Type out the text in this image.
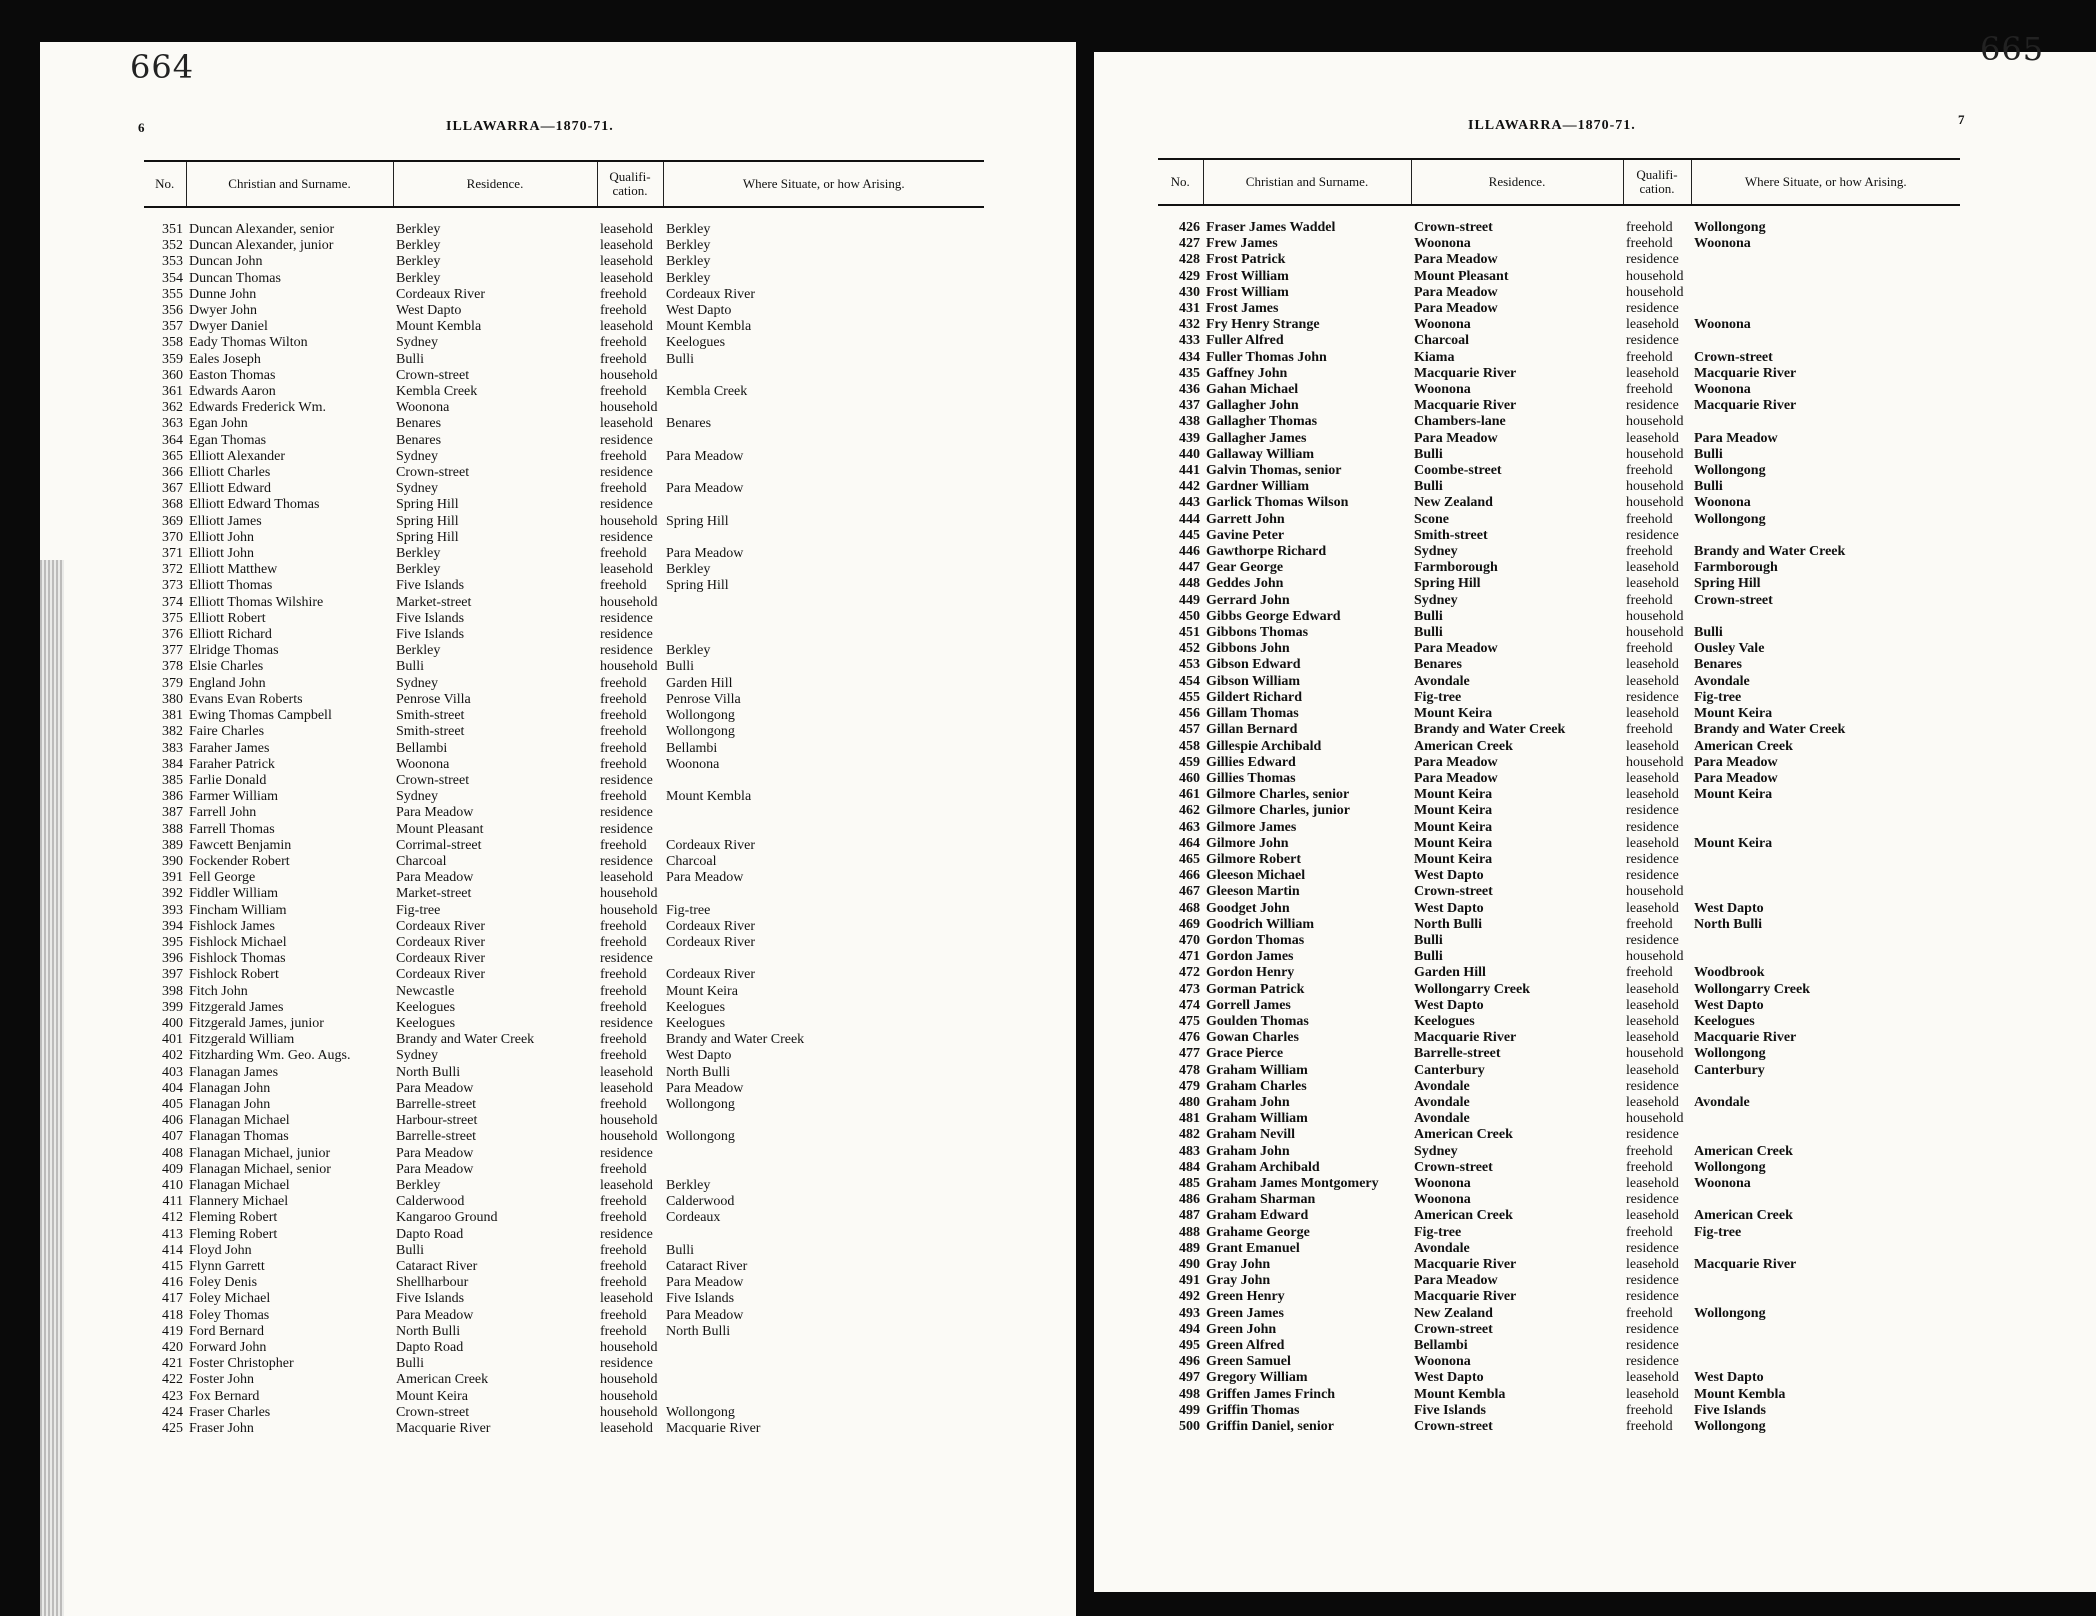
664
6	ILLAWARRA—1870-71.
No.	Christian and Surname.	Residence.	Qualifi-cation.	Where Situate, or how Arising.
351	Duncan Alexander, senior	Berkley	leasehold	Berkley
352	Duncan Alexander, junior	Berkley	leasehold	Berkley
353	Duncan John	Berkley	leasehold	Berkley
354	Duncan Thomas	Berkley	leasehold	Berkley
355	Dunne John	Cordeaux River	freehold	Cordeaux River
356	Dwyer John	West Dapto	freehold	West Dapto
357	Dwyer Daniel	Mount Kembla	leasehold	Mount Kembla
358	Eady Thomas Wilton	Sydney	freehold	Keelogues
359	Eales Joseph	Bulli	freehold	Bulli
360	Easton Thomas	Crown-street	household	
361	Edwards Aaron	Kembla Creek	freehold	Kembla Creek
362	Edwards Frederick Wm.	Woonona	household	
363	Egan John	Benares	leasehold	Benares
364	Egan Thomas	Benares	residence	
365	Elliott Alexander	Sydney	freehold	Para Meadow
366	Elliott Charles	Crown-street	residence	
367	Elliott Edward	Sydney	freehold	Para Meadow
368	Elliott Edward Thomas	Spring Hill	residence	
369	Elliott James	Spring Hill	household	Spring Hill
370	Elliott John	Spring Hill	residence	
371	Elliott John	Berkley	freehold	Para Meadow
372	Elliott Matthew	Berkley	leasehold	Berkley
373	Elliott Thomas	Five Islands	freehold	Spring Hill
374	Elliott Thomas Wilshire	Market-street	household	
375	Elliott Robert	Five Islands	residence	
376	Elliott Richard	Five Islands	residence	
377	Elridge Thomas	Berkley	residence	Berkley
378	Elsie Charles	Bulli	household	Bulli
379	England John	Sydney	freehold	Garden Hill
380	Evans Evan Roberts	Penrose Villa	freehold	Penrose Villa
381	Ewing Thomas Campbell	Smith-street	freehold	Wollongong
382	Faire Charles	Smith-street	freehold	Wollongong
383	Faraher James	Bellambi	freehold	Bellambi
384	Faraher Patrick	Woonona	freehold	Woonona
385	Farlie Donald	Crown-street	residence	
386	Farmer William	Sydney	freehold	Mount Kembla
387	Farrell John	Para Meadow	residence	
388	Farrell Thomas	Mount Pleasant	residence	
389	Fawcett Benjamin	Corrimal-street	freehold	Cordeaux River
390	Fockender Robert	Charcoal	residence	Charcoal
391	Fell George	Para Meadow	leasehold	Para Meadow
392	Fiddler William	Market-street	household	
393	Fincham William	Fig-tree	household	Fig-tree
394	Fishlock James	Cordeaux River	freehold	Cordeaux River
395	Fishlock Michael	Cordeaux River	freehold	Cordeaux River
396	Fishlock Thomas	Cordeaux River	residence	
397	Fishlock Robert	Cordeaux River	freehold	Cordeaux River
398	Fitch John	Newcastle	freehold	Mount Keira
399	Fitzgerald James	Keelogues	freehold	Keelogues
400	Fitzgerald James, junior	Keelogues	residence	Keelogues
401	Fitzgerald William	Brandy and Water Creek	freehold	Brandy and Water Creek
402	Fitzharding Wm. Geo. Augs.	Sydney	freehold	West Dapto
403	Flanagan James	North Bulli	leasehold	North Bulli
404	Flanagan John	Para Meadow	leasehold	Para Meadow
405	Flanagan John	Barrelle-street	freehold	Wollongong
406	Flanagan Michael	Harbour-street	household	
407	Flanagan Thomas	Barrelle-street	household	Wollongong
408	Flanagan Michael, junior	Para Meadow	residence	
409	Flanagan Michael, senior	Para Meadow	freehold	
410	Flanagan Michael	Berkley	leasehold	Berkley
411	Flannery Michael	Calderwood	freehold	Calderwood
412	Fleming Robert	Kangaroo Ground	freehold	Cordeaux
413	Fleming Robert	Dapto Road	residence	
414	Floyd John	Bulli	freehold	Bulli
415	Flynn Garrett	Cataract River	freehold	Cataract River
416	Foley Denis	Shellharbour	freehold	Para Meadow
417	Foley Michael	Five Islands	leasehold	Five Islands
418	Foley Thomas	Para Meadow	freehold	Para Meadow
419	Ford Bernard	North Bulli	freehold	North Bulli
420	Forward John	Dapto Road	household	
421	Foster Christopher	Bulli	residence	
422	Foster John	American Creek	household	
423	Fox Bernard	Mount Keira	household	
424	Fraser Charles	Crown-street	household	Wollongong
425	Fraser John	Macquarie River	leasehold	Macquarie River
665
7
ILLAWARRA—1870-71.
No.	Christian and Surname.	Residence.	Qualifi-cation.	Where Situate, or how Arising.
426	Fraser James Waddel	Crown-street	freehold	Wollongong
427	Frew James	Woonona	freehold	Woonona
428	Frost Patrick	Para Meadow	residence	
429	Frost William	Mount Pleasant	household	
430	Frost William	Para Meadow	household	
431	Frost James	Para Meadow	residence	
432	Fry Henry Strange	Woonona	leasehold	Woonona
433	Fuller Alfred	Charcoal	residence	
434	Fuller Thomas John	Kiama	freehold	Crown-street
435	Gaffney John	Macquarie River	leasehold	Macquarie River
436	Gahan Michael	Woonona	freehold	Woonona
437	Gallagher John	Macquarie River	residence	Macquarie River
438	Gallagher Thomas	Chambers-lane	household	
439	Gallagher James	Para Meadow	leasehold	Para Meadow
440	Gallaway William	Bulli	household	Bulli
441	Galvin Thomas, senior	Coombe-street	freehold	Wollongong
442	Gardner William	Bulli	household	Bulli
443	Garlick Thomas Wilson	New Zealand	household	Woonona
444	Garrett John	Scone	freehold	Wollongong
445	Gavine Peter	Smith-street	residence	
446	Gawthorpe Richard	Sydney	freehold	Brandy and Water Creek
447	Gear George	Farmborough	leasehold	Farmborough
448	Geddes John	Spring Hill	leasehold	Spring Hill
449	Gerrard John	Sydney	freehold	Crown-street
450	Gibbs George Edward	Bulli	household	
451	Gibbons Thomas	Bulli	household	Bulli
452	Gibbons John	Para Meadow	freehold	Ousley Vale
453	Gibson Edward	Benares	leasehold	Benares
454	Gibson William	Avondale	leasehold	Avondale
455	Gildert Richard	Fig-tree	residence	Fig-tree
456	Gillam Thomas	Mount Keira	leasehold	Mount Keira
457	Gillan Bernard	Brandy and Water Creek	freehold	Brandy and Water Creek
458	Gillespie Archibald	American Creek	leasehold	American Creek
459	Gillies Edward	Para Meadow	household	Para Meadow
460	Gillies Thomas	Para Meadow	leasehold	Para Meadow
461	Gilmore Charles, senior	Mount Keira	leasehold	Mount Keira
462	Gilmore Charles, junior	Mount Keira	residence	
463	Gilmore James	Mount Keira	residence	
464	Gilmore John	Mount Keira	leasehold	Mount Keira
465	Gilmore Robert	Mount Keira	residence	
466	Gleeson Michael	West Dapto	residence	
467	Gleeson Martin	Crown-street	household	
468	Goodget John	West Dapto	leasehold	West Dapto
469	Goodrich William	North Bulli	freehold	North Bulli
470	Gordon Thomas	Bulli	residence	
471	Gordon James	Bulli	household	
472	Gordon Henry	Garden Hill	freehold	Woodbrook
473	Gorman Patrick	Wollongarry Creek	leasehold	Wollongarry Creek
474	Gorrell James	West Dapto	leasehold	West Dapto
475	Goulden Thomas	Keelogues	leasehold	Keelogues
476	Gowan Charles	Macquarie River	leasehold	Macquarie River
477	Grace Pierce	Barrelle-street	household	Wollongong
478	Graham William	Canterbury	leasehold	Canterbury
479	Graham Charles	Avondale	residence	
480	Graham John	Avondale	leasehold	Avondale
481	Graham William	Avondale	household	
482	Graham Nevill	American Creek	residence	
483	Graham John	Sydney	freehold	American Creek
484	Graham Archibald	Crown-street	freehold	Wollongong
485	Graham James Montgomery	Woonona	leasehold	Woonona
486	Graham Sharman	Woonona	residence	
487	Graham Edward	American Creek	leasehold	American Creek
488	Grahame George	Fig-tree	freehold	Fig-tree
489	Grant Emanuel	Avondale	residence	
490	Gray John	Macquarie River	leasehold	Macquarie River
491	Gray John	Para Meadow	residence	
492	Green Henry	Macquarie River	residence	
493	Green James	New Zealand	freehold	Wollongong
494	Green John	Crown-street	residence	
495	Green Alfred	Bellambi	residence	
496	Green Samuel	Woonona	residence	
497	Gregory William	West Dapto	leasehold	West Dapto
498	Griffen James Frinch	Mount Kembla	leasehold	Mount Kembla
499	Griffin Thomas	Five Islands	freehold	Five Islands
500	Griffin Daniel, senior	Crown-street	freehold	Wollongong
